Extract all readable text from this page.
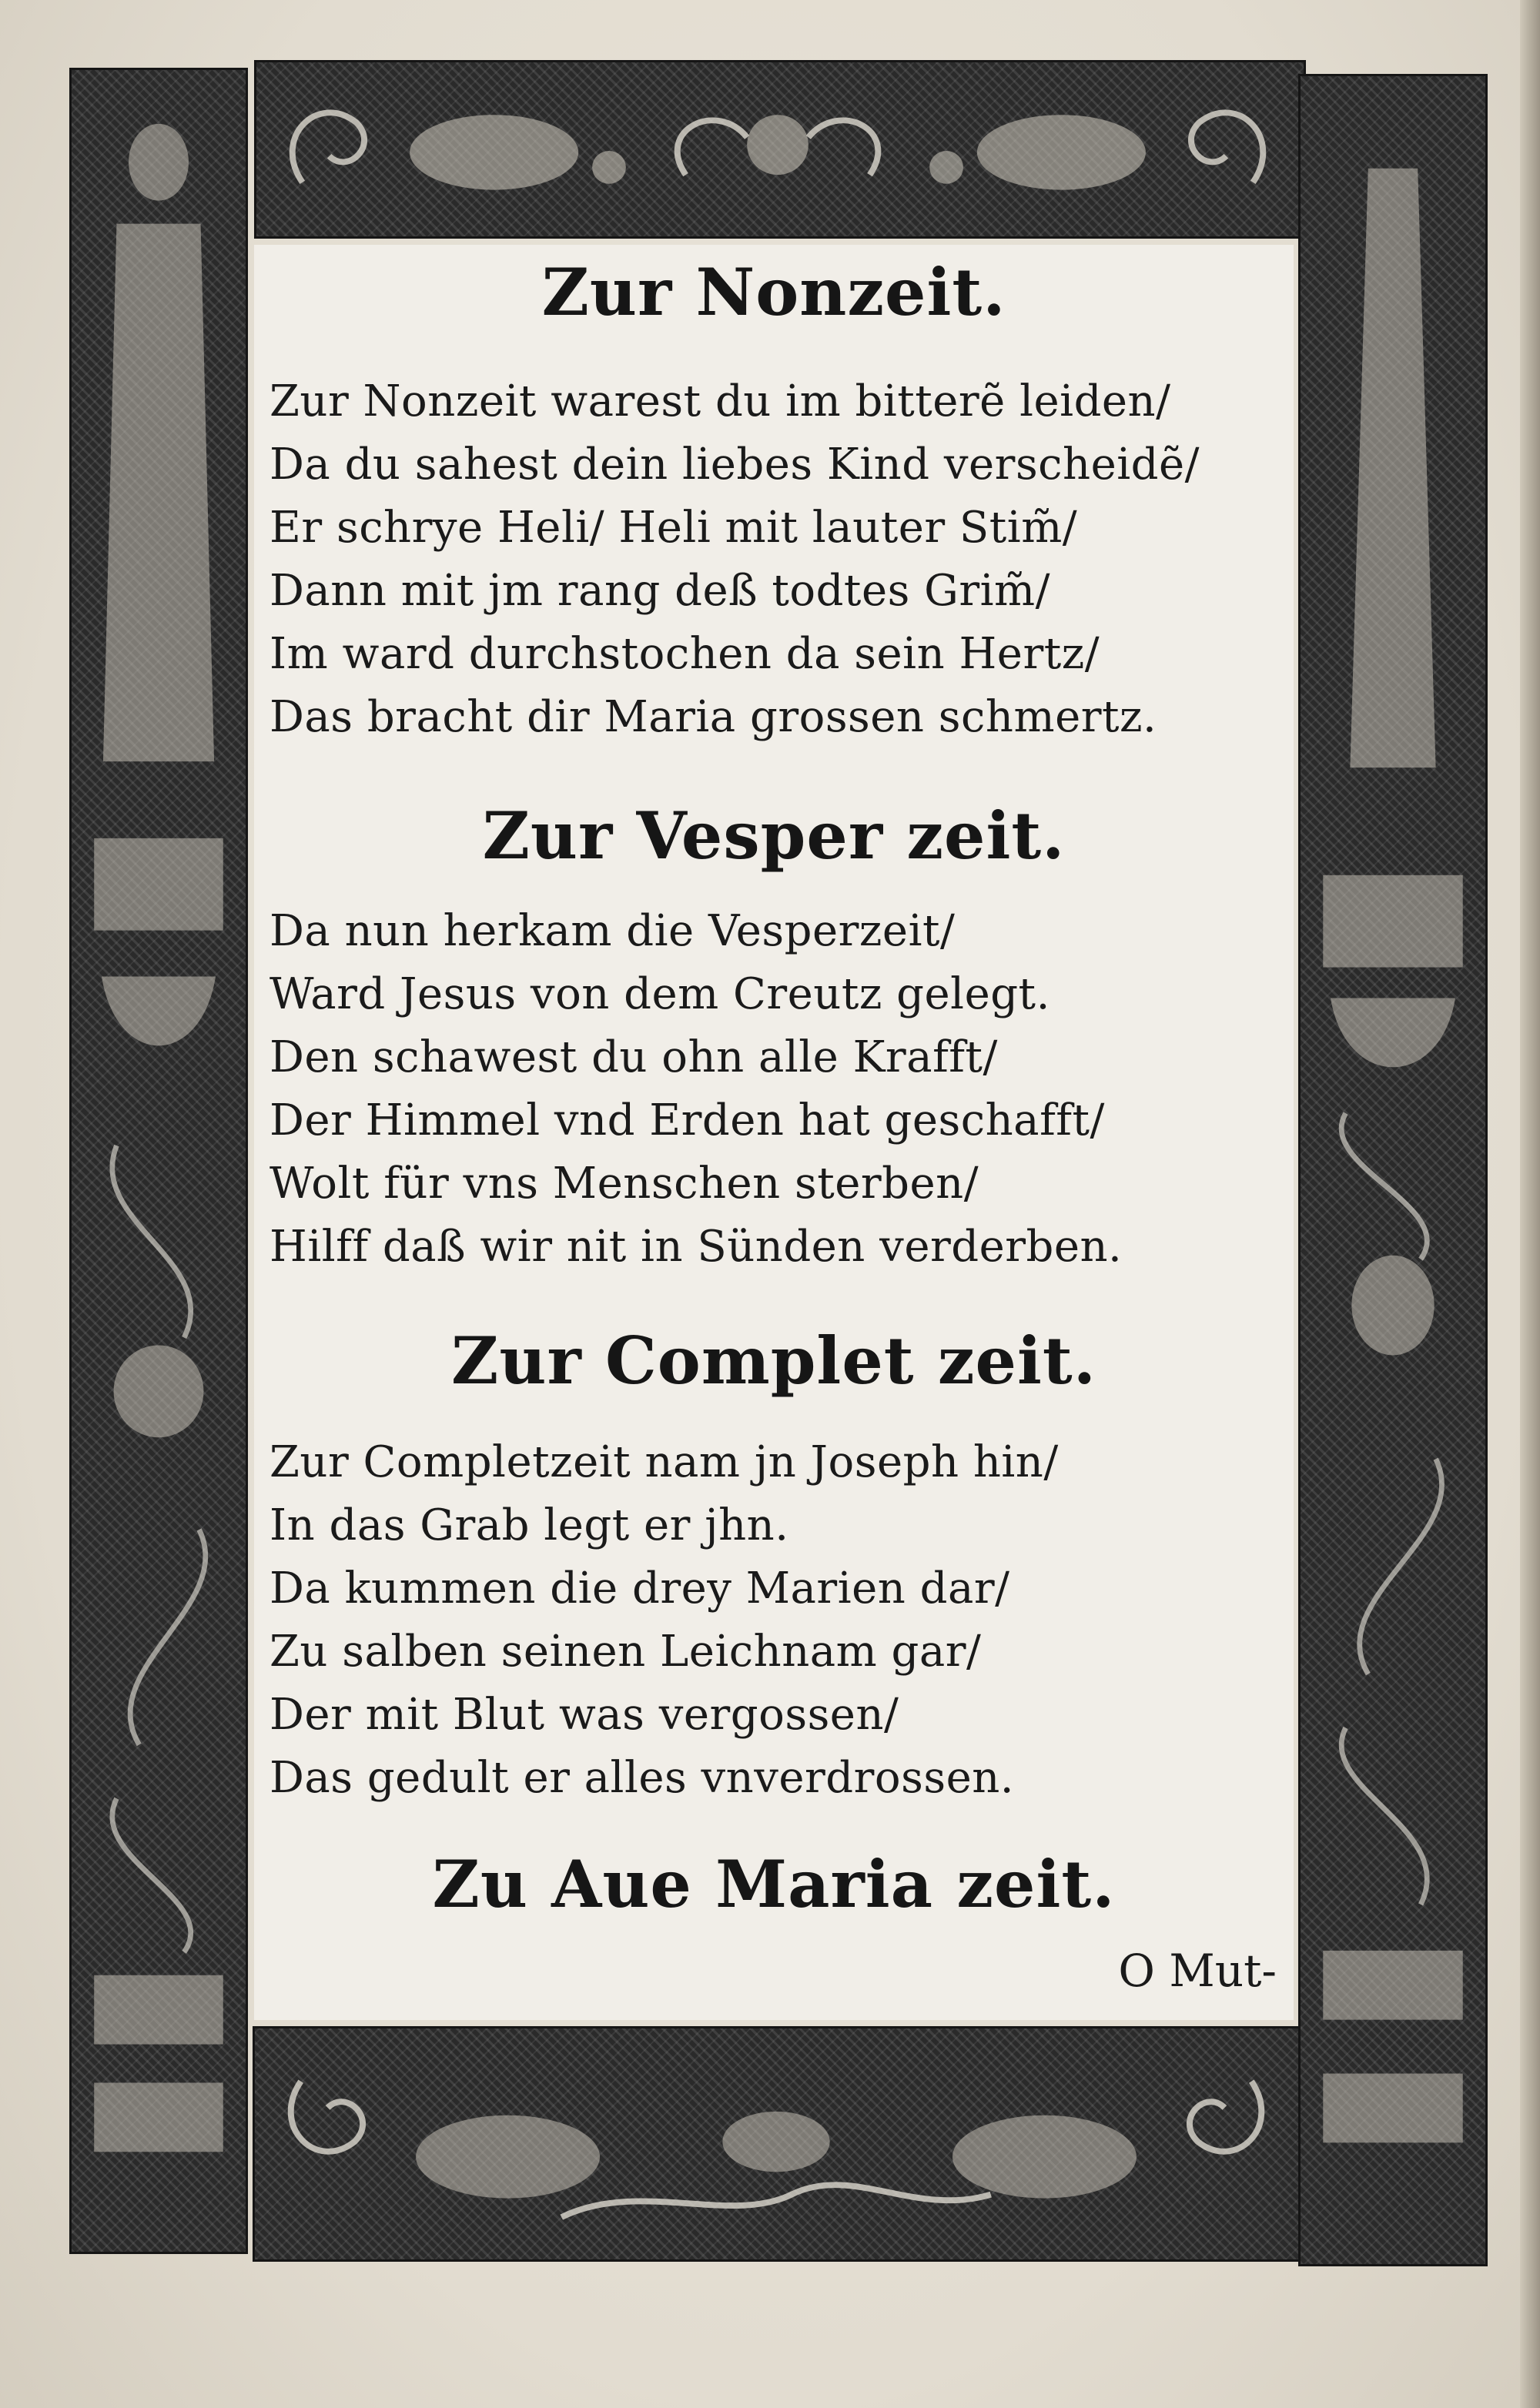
Zur Nonzeit.

Zur Nonzeit warest du im bitterẽ leiden/

Da du sahest dein liebes Kind verscheidẽ/

Er schrye Heli/ Heli mit lauter Stim̃/

Dann mit jm rang deß todtes Grim̃/

Im ward durchstochen da sein Hertz/

Das bracht dir Maria grossen schmertz.

Zur Vesper zeit.

Da nun herkam die Vesperzeit/

Ward Jesus von dem Creutz gelegt.

Den schawest du ohn alle Krafft/

Der Himmel vnd Erden hat geschafft/

Wolt für vns Menschen sterben/

Hilff daß wir nit in Sünden verderben.

Zur Complet zeit.

Zur Completzeit nam jn Joseph hin/

In das Grab legt er jhn.

Da kummen die drey Marien dar/

Zu salben seinen Leichnam gar/

Der mit Blut was vergossen/

Das gedult er alles vnverdrossen.

Zu Aue Maria zeit.

O Mut‑
